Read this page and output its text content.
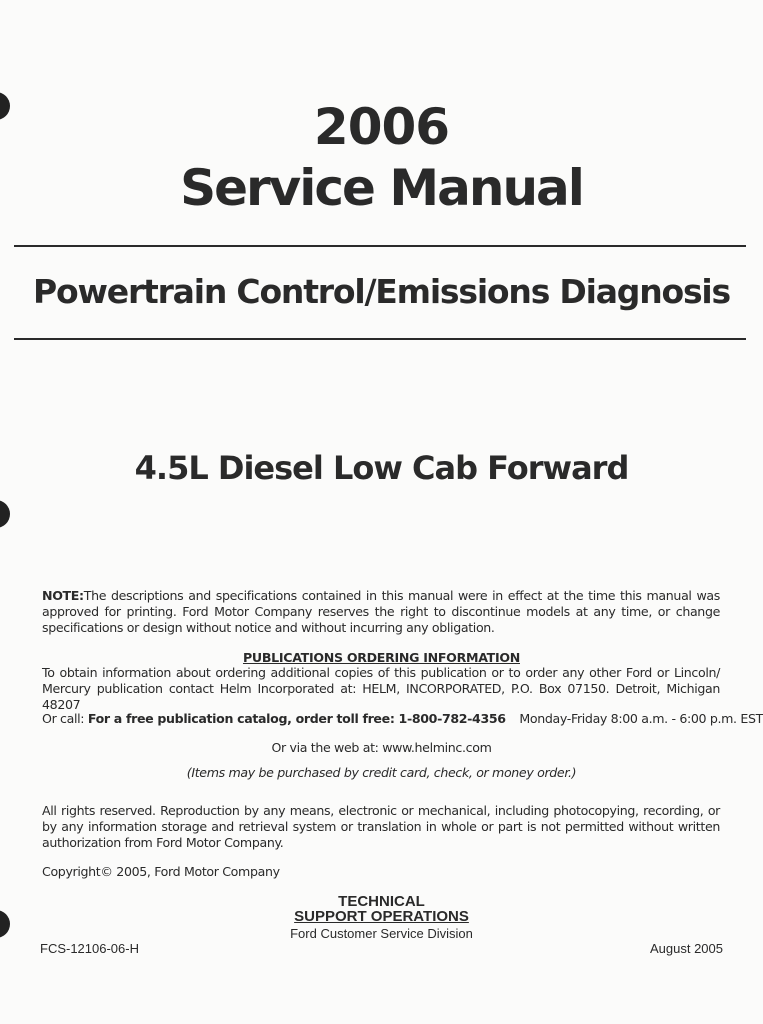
2006
Service Manual
Powertrain Control/Emissions Diagnosis
4.5L Diesel Low Cab Forward
NOTE:The descriptions and specifications contained in this manual were in effect at the time this manual was approved for printing. Ford Motor Company reserves the right to discontinue models at any time, or change specifications or design without notice and without incurring any obligation.
PUBLICATIONS ORDERING INFORMATION
To obtain information about ordering additional copies of this publication or to order any other Ford or Lincoln/ Mercury publication contact Helm Incorporated at: HELM, INCORPORATED, P.O. Box 07150. Detroit, Michigan 48207
Or call: For a free publication catalog, order toll free: 1-800-782-4356 Monday-Friday 8:00 a.m. - 6:00 p.m. EST
Or via the web at: www.helminc.com
(Items may be purchased by credit card, check, or money order.)
All rights reserved. Reproduction by any means, electronic or mechanical, including photocopying, recording, or by any information storage and retrieval system or translation in whole or part is not permitted without written authorization from Ford Motor Company.
Copyright© 2005, Ford Motor Company
TECHNICAL
SUPPORT OPERATIONS
Ford Customer Service Division
FCS-12106-06-H	August 2005
